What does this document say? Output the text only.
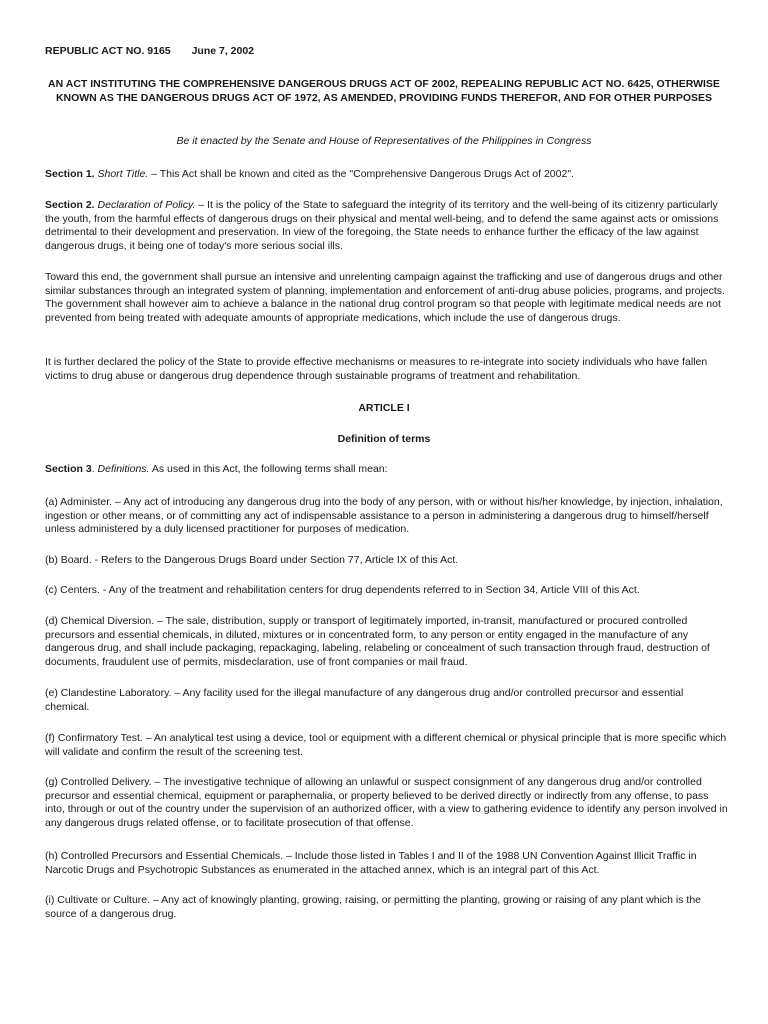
REPUBLIC ACT NO. 9165 June 7, 2002
AN ACT INSTITUTING THE COMPREHENSIVE DANGEROUS DRUGS ACT OF 2002, REPEALING REPUBLIC ACT NO. 6425, OTHERWISE KNOWN AS THE DANGEROUS DRUGS ACT OF 1972, AS AMENDED, PROVIDING FUNDS THEREFOR, AND FOR OTHER PURPOSES
Be it enacted by the Senate and House of Representatives of the Philippines in Congress

Section 1. Short Title. – This Act shall be known and cited as the "Comprehensive Dangerous Drugs Act of 2002".

Section 2. Declaration of Policy. – It is the policy of the State to safeguard the integrity of its territory and the well-being of its citizenry particularly the youth, from the harmful effects of dangerous drugs on their physical and mental well-being, and to defend the same against acts or omissions detrimental to their development and preservation. In view of the foregoing, the State needs to enhance further the efficacy of the law against dangerous drugs, it being one of today's more serious social ills.

Toward this end, the government shall pursue an intensive and unrelenting campaign against the trafficking and use of dangerous drugs and other similar substances through an integrated system of planning, implementation and enforcement of anti-drug abuse policies, programs, and projects. The government shall however aim to achieve a balance in the national drug control program so that people with legitimate medical needs are not prevented from being treated with adequate amounts of appropriate medications, which include the use of dangerous drugs.

It is further declared the policy of the State to provide effective mechanisms or measures to re-integrate into society individuals who have fallen victims to drug abuse or dangerous drug dependence through sustainable programs of treatment and rehabilitation.

ARTICLE I
Definition of terms

Section 3. Definitions. As used in this Act, the following terms shall mean:

(a) Administer. – Any act of introducing any dangerous drug into the body of any person, with or without his/her knowledge, by injection, inhalation, ingestion or other means, or of committing any act of indispensable assistance to a person in administering a dangerous drug to himself/herself unless administered by a duly licensed practitioner for purposes of medication.

(b) Board. - Refers to the Dangerous Drugs Board under Section 77, Article IX of this Act.

(c) Centers. - Any of the treatment and rehabilitation centers for drug dependents referred to in Section 34, Article VIII of this Act.

(d) Chemical Diversion. – The sale, distribution, supply or transport of legitimately imported, in-transit, manufactured or procured controlled precursors and essential chemicals, in diluted, mixtures or in concentrated form, to any person or entity engaged in the manufacture of any dangerous drug, and shall include packaging, repackaging, labeling, relabeling or concealment of such transaction through fraud, destruction of documents, fraudulent use of permits, misdeclaration, use of front companies or mail fraud.

(e) Clandestine Laboratory. – Any facility used for the illegal manufacture of any dangerous drug and/or controlled precursor and essential chemical.

(f) Confirmatory Test. – An analytical test using a device, tool or equipment with a different chemical or physical principle that is more specific which will validate and confirm the result of the screening test.

(g) Controlled Delivery. – The investigative technique of allowing an unlawful or suspect consignment of any dangerous drug and/or controlled precursor and essential chemical, equipment or paraphernalia, or property believed to be derived directly or indirectly from any offense, to pass into, through or out of the country under the supervision of an authorized officer, with a view to gathering evidence to identify any person involved in any dangerous drugs related offense, or to facilitate prosecution of that offense.

(h) Controlled Precursors and Essential Chemicals. – Include those listed in Tables I and II of the 1988 UN Convention Against Illicit Traffic in Narcotic Drugs and Psychotropic Substances as enumerated in the attached annex, which is an integral part of this Act.

(i) Cultivate or Culture. – Any act of knowingly planting, growing, raising, or permitting the planting, growing or raising of any plant which is the source of a dangerous drug.
